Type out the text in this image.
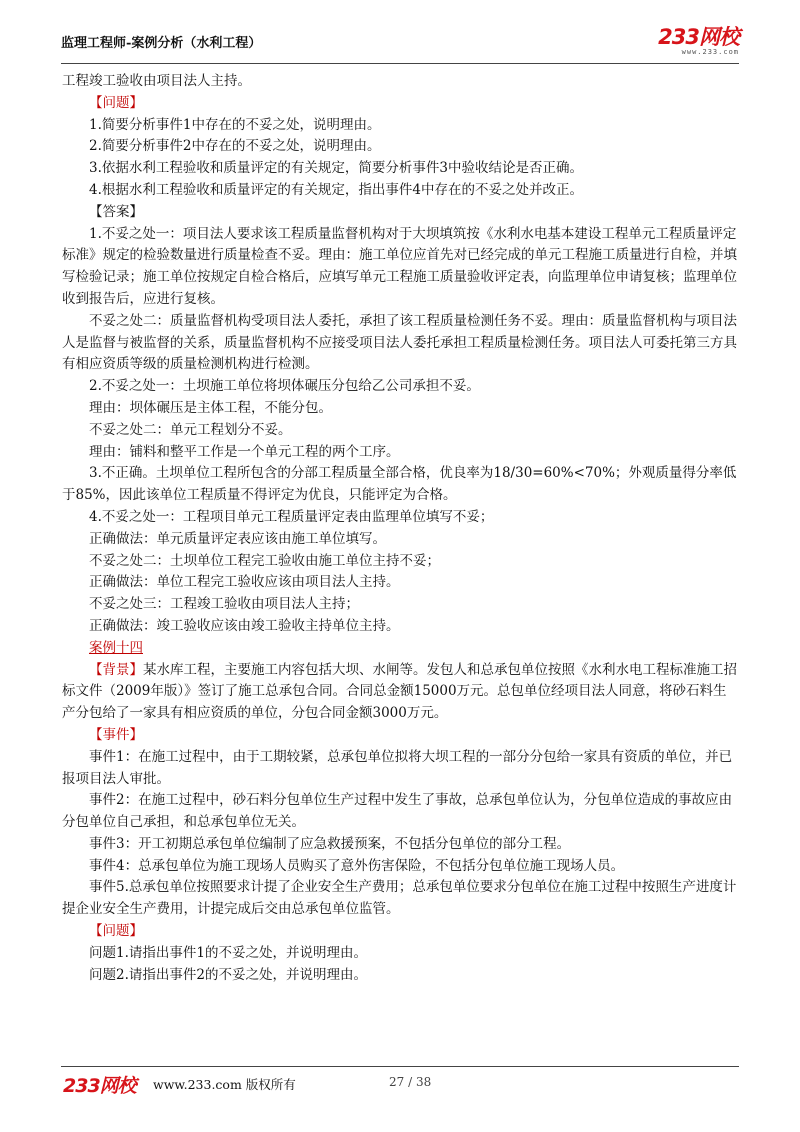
监理工程师-案例分析（水利工程）	233网校
www.233.com

工程竣工验收由项目法人主持。

【问题】

1.简要分析事件1中存在的不妥之处，说明理由。

2.简要分析事件2中存在的不妥之处，说明理由。

3.依据水利工程验收和质量评定的有关规定，简要分析事件3中验收结论是否正确。

4.根据水利工程验收和质量评定的有关规定，指出事件4中存在的不妥之处并改正。

【答案】

1.不妥之处一：项目法人要求该工程质量监督机构对于大坝填筑按《水利水电基本建设工程单元工程质量评定标准》规定的检验数量进行质量检查不妥。理由：施工单位应首先对已经完成的单元工程施工质量进行自检，并填写检验记录；施工单位按规定自检合格后，应填写单元工程施工质量验收评定表，向监理单位申请复核；监理单位收到报告后，应进行复核。

不妥之处二：质量监督机构受项目法人委托，承担了该工程质量检测任务不妥。理由：质量监督机构与项目法人是监督与被监督的关系，质量监督机构不应接受项目法人委托承担工程质量检测任务。项目法人可委托第三方具有相应资质等级的质量检测机构进行检测。

2.不妥之处一：土坝施工单位将坝体碾压分包给乙公司承担不妥。

理由：坝体碾压是主体工程，不能分包。

不妥之处二：单元工程划分不妥。

理由：铺料和整平工作是一个单元工程的两个工序。

3.不正确。土坝单位工程所包含的分部工程质量全部合格，优良率为18/30=60%<70%；外观质量得分率低于85%，因此该单位工程质量不得评定为优良，只能评定为合格。

4.不妥之处一：工程项目单元工程质量评定表由监理单位填写不妥；

正确做法：单元质量评定表应该由施工单位填写。

不妥之处二：土坝单位工程完工验收由施工单位主持不妥；

正确做法：单位工程完工验收应该由项目法人主持。

不妥之处三：工程竣工验收由项目法人主持；

正确做法：竣工验收应该由竣工验收主持单位主持。

案例十四

【背景】某水库工程，主要施工内容包括大坝、水闸等。发包人和总承包单位按照《水利水电工程标准施工招标文件（2009年版）》签订了施工总承包合同。合同总金额15000万元。总包单位经项目法人同意，将砂石料生产分包给了一家具有相应资质的单位，分包合同金额3000万元。

【事件】

事件1：在施工过程中，由于工期较紧，总承包单位拟将大坝工程的一部分分包给一家具有资质的单位，并已报项目法人审批。

事件2：在施工过程中，砂石料分包单位生产过程中发生了事故，总承包单位认为，分包单位造成的事故应由分包单位自己承担，和总承包单位无关。

事件3：开工初期总承包单位编制了应急救援预案，不包括分包单位的部分工程。

事件4：总承包单位为施工现场人员购买了意外伤害保险，不包括分包单位施工现场人员。

事件5.总承包单位按照要求计提了企业安全生产费用；总承包单位要求分包单位在施工过程中按照生产进度计提企业安全生产费用，计提完成后交由总承包单位监管。

【问题】

问题1.请指出事件1的不妥之处，并说明理由。

问题2.请指出事件2的不妥之处，并说明理由。

233网校 www.233.com 版权所有	27 / 38
